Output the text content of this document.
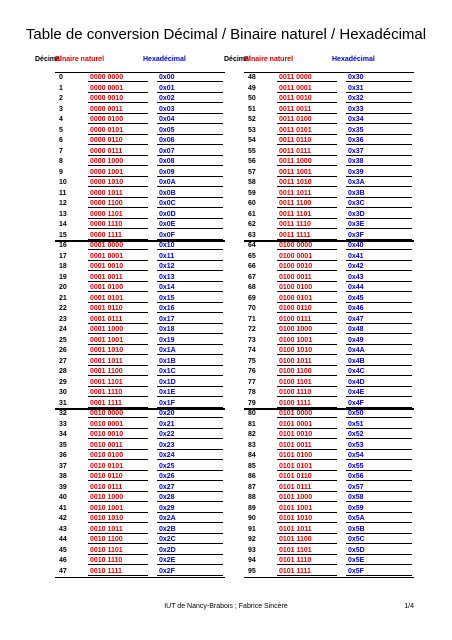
Table de conversion Décimal / Binaire naturel / Hexadécimal
Décimal
Binaire naturel	Hexadécimal
0	0000 0000	0x00
1	0000 0001	0x01
2	0000 0010	0x02
3	0000 0011	0x03
4	0000 0100	0x04
5	0000 0101	0x05
6	0000 0110	0x06
7	0000 0111	0x07
8	0000 1000	0x08
9	0000 1001	0x09
10	0000 1010	0x0A
11	0000 1011	0x0B
12	0000 1100	0x0C
13	0000 1101	0x0D
14	0000 1110	0x0E
15	0000 1111	0x0F
16	0001 0000	0x10
17	0001 0001	0x11
18	0001 0010	0x12
19	0001 0011	0x13
20	0001 0100	0x14
21	0001 0101	0x15
22	0001 0110	0x16
23	0001 0111	0x17
24	0001 1000	0x18
25	0001 1001	0x19
26	0001 1010	0x1A
27	0001 1011	0x1B
28	0001 1100	0x1C
29	0001 1101	0x1D
30	0001 1110	0x1E
31	0001 1111	0x1F
32	0010 0000	0x20
33	0010 0001	0x21
34	0010 0010	0x22
35	0010 0011	0x23
36	0010 0100	0x24
37	0010 0101	0x25
38	0010 0110	0x26
39	0010 0111	0x27
40	0010 1000	0x28
41	0010 1001	0x29
42	0010 1010	0x2A
43	0010 1011	0x2B
44	0010 1100	0x2C
45	0010 1101	0x2D
46	0010 1110	0x2E
47	0010 1111	0x2F
Décimal
Binaire naturel	Hexadécimal
48	0011 0000	0x30
49	0011 0001	0x31
50	0011 0010	0x32
51	0011 0011	0x33
52	0011 0100	0x34
53	0011 0101	0x35
54	0011 0110	0x36
55	0011 0111	0x37
56	0011 1000	0x38
57	0011 1001	0x39
58	0011 1010	0x3A
59	0011 1011	0x3B
60	0011 1100	0x3C
61	0011 1101	0x3D
62	0011 1110	0x3E
63	0011 1111	0x3F
64	0100 0000	0x40
65	0100 0001	0x41
66	0100 0010	0x42
67	0100 0011	0x43
68	0100 0100	0x44
69	0100 0101	0x45
70	0100 0110	0x46
71	0100 0111	0x47
72	0100 1000	0x48
73	0100 1001	0x49
74	0100 1010	0x4A
75	0100 1011	0x4B
76	0100 1100	0x4C
77	0100 1101	0x4D
78	0100 1110	0x4E
79	0100 1111	0x4F
80	0101 0000	0x50
81	0101 0001	0x51
82	0101 0010	0x52
83	0101 0011	0x53
84	0101 0100	0x54
85	0101 0101	0x55
86	0101 0110	0x56
87	0101 0111	0x57
88	0101 1000	0x58
89	0101 1001	0x59
90	0101 1010	0x5A
91	0101 1011	0x5B
92	0101 1100	0x5C
93	0101 1101	0x5D
94	0101 1110	0x5E
95	0101 1111	0x5F
IUT de Nancy-Brabois ; Fabrice Sincère	1/4
